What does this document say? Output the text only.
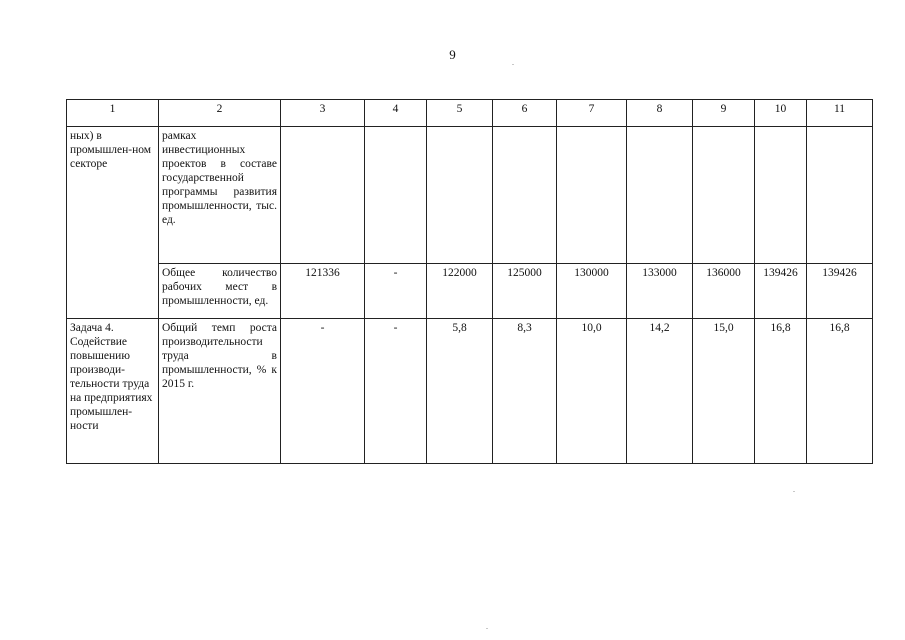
9
1	2	3	4	5	6	7	8	9	10	11
ных) в промышлен-ном секторе	рамках инвестиционных проектов в составе государственной программы развития промышленности, тыс. ед.									
	Общее количество рабочих мест в промышленности, ед.	121336	-	122000	125000	130000	133000	136000	139426	139426
Задача 4. Содействие повышению производи-тельности труда на предприятиях промышлен-ности	Общий темп роста производительности труда в промышленности, % к 2015 г.	-	-	5,8	8,3	10,0	14,2	15,0	16,8	16,8
